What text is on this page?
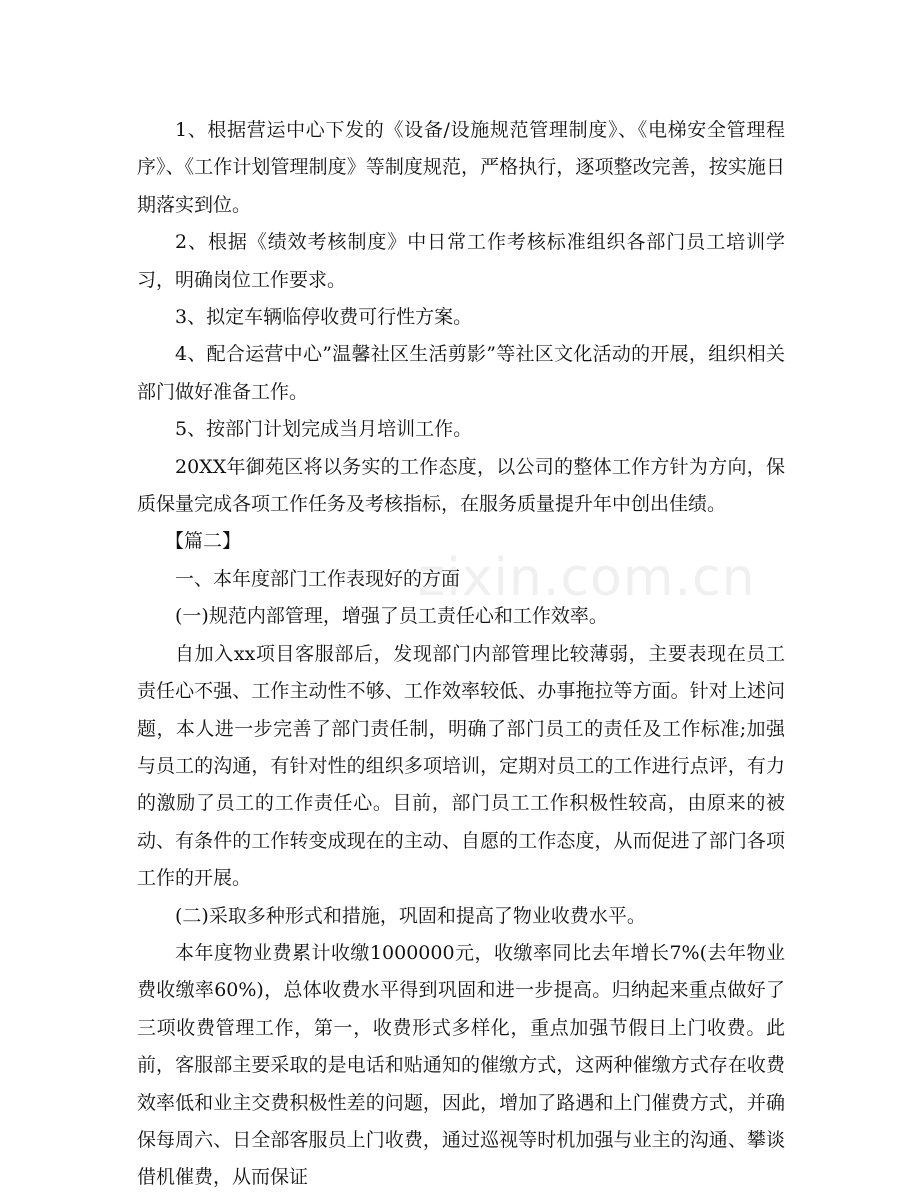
zixin.com.cn

1、根据营运中心下发的《设备/设施规范管理制度》、《电梯安全管理程序》、《工作计划管理制度》等制度规范，严格执行，逐项整改完善，按实施日期落实到位。

2、根据《绩效考核制度》中日常工作考核标准组织各部门员工培训学习，明确岗位工作要求。

3、拟定车辆临停收费可行性方案。

4、配合运营中心”温馨社区生活剪影”等社区文化活动的开展，组织相关部门做好准备工作。

5、按部门计划完成当月培训工作。

20XX年御苑区将以务实的工作态度，以公司的整体工作方针为方向，保质保量完成各项工作任务及考核指标，在服务质量提升年中创出佳绩。

【篇二】

一、本年度部门工作表现好的方面

(一)规范内部管理，增强了员工责任心和工作效率。

自加入xx项目客服部后，发现部门内部管理比较薄弱，主要表现在员工责任心不强、工作主动性不够、工作效率较低、办事拖拉等方面。针对上述问题，本人进一步完善了部门责任制，明确了部门员工的责任及工作标准;加强与员工的沟通，有针对性的组织多项培训，定期对员工的工作进行点评，有力的激励了员工的工作责任心。目前，部门员工工作积极性较高，由原来的被动、有条件的工作转变成现在的主动、自愿的工作态度，从而促进了部门各项工作的开展。

(二)采取多种形式和措施，巩固和提高了物业收费水平。

本年度物业费累计收缴1000000元，收缴率同比去年增长7%(去年物业费收缴率60%)，总体收费水平得到巩固和进一步提高。归纳起来重点做好了三项收费管理工作，第一，收费形式多样化，重点加强节假日上门收费。此前，客服部主要采取的是电话和贴通知的催缴方式，这两种催缴方式存在收费效率低和业主交费积极性差的问题，因此，增加了路遇和上门催费方式，并确保每周六、日全部客服员上门收费，通过巡视等时机加强与业主的沟通、攀谈借机催费，从而保证
